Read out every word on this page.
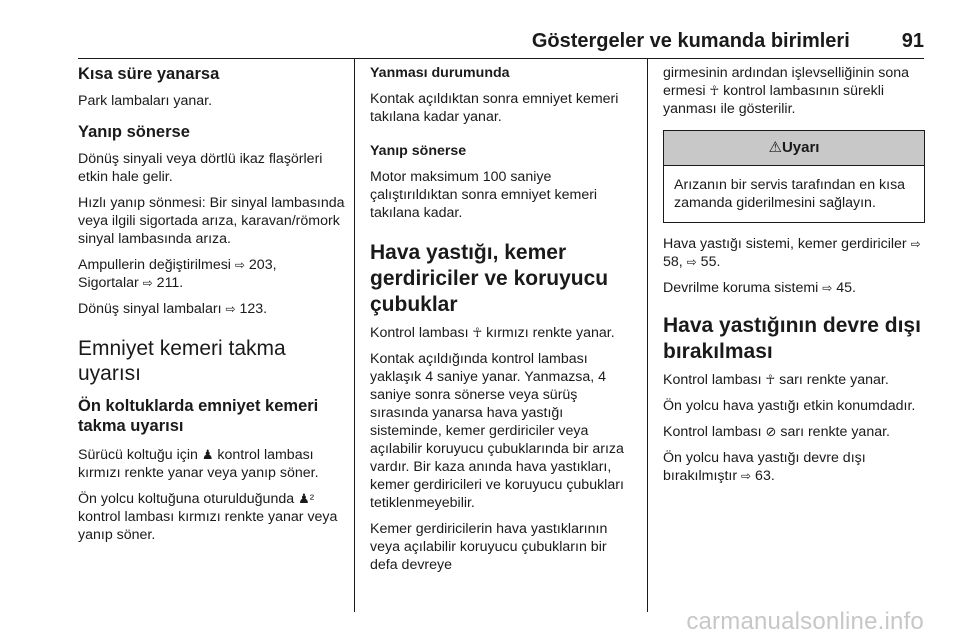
Göstergeler ve kumanda birimleri	91

Kısa süre yanarsa

Park lambaları yanar.

Yanıp sönerse

Dönüş sinyali veya dörtlü ikaz flaşörleri etkin hale gelir.

Hızlı yanıp sönmesi: Bir sinyal lambasında veya ilgili sigortada arıza, karavan/römork sinyal lambasında arıza.

Ampullerin değiştirilmesi ⇨ 203,
Sigortalar ⇨ 211.

Dönüş sinyal lambaları ⇨ 123.

Emniyet kemeri takma uyarısı

Ön koltuklarda emniyet kemeri takma uyarısı

Sürücü koltuğu için ♟ kontrol lambası kırmızı renkte yanar veya yanıp söner.

Ön yolcu koltuğuna oturulduğunda ♟² kontrol lambası kırmızı renkte yanar veya yanıp söner.

Yanması durumunda

Kontak açıldıktan sonra emniyet kemeri takılana kadar yanar.

Yanıp sönerse

Motor maksimum 100 saniye çalıştırıldıktan sonra emniyet kemeri takılana kadar.

Hava yastığı, kemer gerdiriciler ve koruyucu çubuklar

Kontrol lambası ☥ kırmızı renkte yanar.

Kontak açıldığında kontrol lambası yaklaşık 4 saniye yanar. Yanmazsa, 4 saniye sonra sönerse veya sürüş sırasında yanarsa hava yastığı sisteminde, kemer gerdiriciler veya açılabilir koruyucu çubuklarında bir arıza vardır. Bir kaza anında hava yastıkları, kemer gerdiricileri ve koruyucu çubukları tetiklenmeyebilir.

Kemer gerdiricilerin hava yastıklarının veya açılabilir koruyucu çubukların bir defa devreye

girmesinin ardından işlevselliğinin sona ermesi ☥ kontrol lambasının sürekli yanması ile gösterilir.

⚠Uyarı
Arızanın bir servis tarafından en kısa zamanda giderilmesini sağlayın.

Hava yastığı sistemi, kemer gerdiriciler ⇨ 58, ⇨ 55.

Devrilme koruma sistemi ⇨ 45.

Hava yastığının devre dışı bırakılması

Kontrol lambası ☥ sarı renkte yanar.

Ön yolcu hava yastığı etkin konumdadır.

Kontrol lambası ⊘ sarı renkte yanar.

Ön yolcu hava yastığı devre dışı bırakılmıştır ⇨ 63.

carmanualsonline.info
